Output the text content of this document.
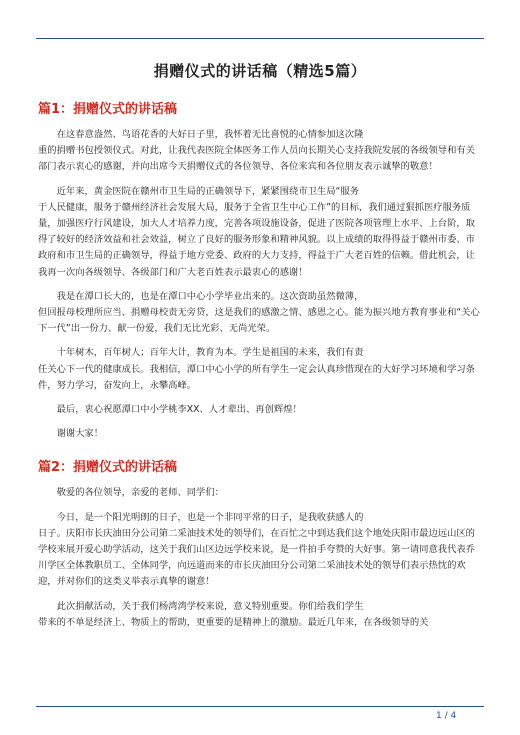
捐赠仪式的讲话稿（精选5篇）
篇1：捐赠仪式的讲话稿
在这春意盎然、鸟语花香的大好日子里，我怀着无比喜悦的心情参加这次隆
重的捐赠书包授领仪式。对此，让我代表医院全体医务工作人员向长期关心支持我院发展的各级领导和有关部门表示衷心的感谢，并向出席今天捐赠仪式的各位领导、各位来宾和各位朋友表示诚挚的敬意！
近年来，黄金医院在赣州市卫生局的正确领导下，紧紧围绕市卫生局“服务
于人民健康，服务于赣州经济社会发展大局，服务于全省卫生中心工作”的目标，我们通过狠抓医疗服务质量，加强医疗行风建设，加大人才培养力度，完善各项设施设备，促进了医院各项管理上水平、上台阶，取得了较好的经济效益和社会效益，树立了良好的服务形象和精神风貌。以上成绩的取得得益于赣州市委、市政府和市卫生局的正确领导，得益于地方党委、政府的大力支持，得益于广大老百姓的信赖。借此机会，让我再一次向各级领导、各级部门和广大老百姓表示最衷心的感谢！
我是在潭口长大的，也是在潭口中心小学毕业出来的。这次资助虽然微薄，
但回报母校理所应当、捐赠母校责无旁贷，这是我们的感激之情、感恩之心。能为振兴地方教育事业和“关心下一代”出一份力、献一份爱，我们无比光彩、无尚光荣。
十年树木，百年树人；百年大计，教育为本。学生是祖国的未来，我们有责
任关心下一代的健康成长。我相信，潭口中心小学的所有学生一定会认真珍惜现在的大好学习环境和学习条件，努力学习，奋发向上，永攀高峰。
最后，衷心祝愿潭口中小学桃李XX、人才辈出、再创辉煌！
谢谢大家！
篇2：捐赠仪式的讲话稿
敬爱的各位领导，亲爱的老师、同学们：
今日，是一个阳光明朗的日子，也是一个非同平常的日子，是我收获感人的
日子。庆阳市长庆油田分公司第二采油技术处的领导们，在百忙之中到达我们这个地处庆阳市最边远山区的学校来展开爱心助学活动，这关于我们山区边远学校来说，是一件拍手夸赞的大好事。第一请同意我代表乔川学区全体教职员工、全体同学，向远道而来的市长庆油田分公司第二采油技术处的领导们表示热忱的欢迎，并对你们的这类义举表示真挚的谢意！
此次捐献活动，关于我们杨湾湾学校来说，意义特别重要。你们给我们学生
带来的不单是经济上、物质上的帮助，更重要的是精神上的激励。最近几年来，在各级领导的关
1 / 4
